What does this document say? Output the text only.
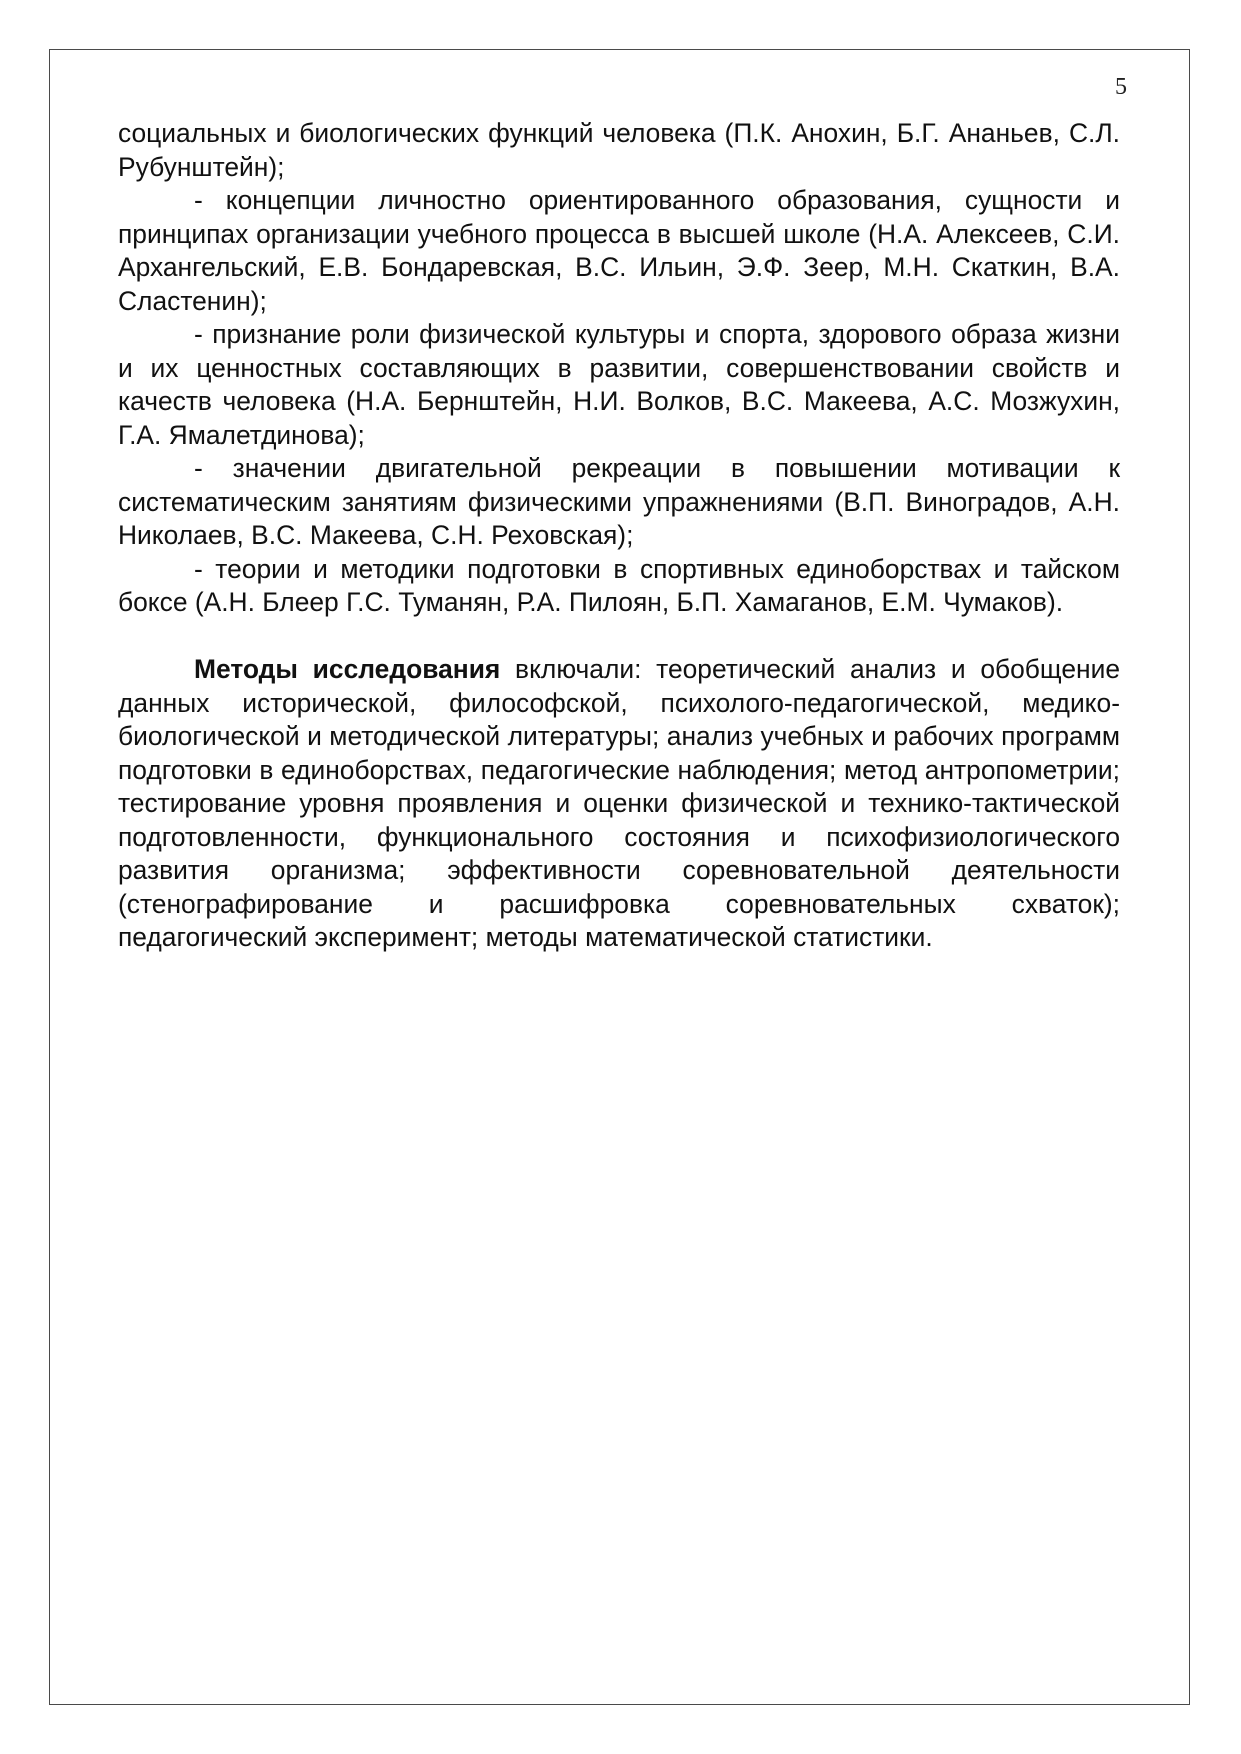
5

социальных и биологических функций человека (П.К. Анохин, Б.Г. Ананьев, С.Л. Рубунштейн);

- концепции личностно ориентированного образования, сущности и принципах организации учебного процесса в высшей школе (Н.А. Алексеев, С.И. Архангельский, Е.В. Бондаревская, В.С. Ильин, Э.Ф. Зеер, М.Н. Скаткин, В.А. Сластенин);

- признание роли физической культуры и спорта, здорового образа жизни и их ценностных составляющих в развитии, совершенствовании свойств и качеств человека (Н.А. Бернштейн, Н.И. Волков, В.С. Макеева, А.С. Мозжухин, Г.А. Ямалетдинова);

- значении двигательной рекреации в повышении мотивации к систематическим занятиям физическими упражнениями (В.П. Виноградов, А.Н. Николаев, В.С. Макеева, С.Н. Реховская);

- теории и методики подготовки в спортивных единоборствах и тайском боксе (А.Н. Блеер Г.С. Туманян, Р.А. Пилоян, Б.П. Хамаганов, Е.М. Чумаков).

Методы исследования включали: теоретический анализ и обобщение данных исторической, философской, психолого-педагогической, медико-биологической и методической литературы; анализ учебных и рабочих программ подготовки в единоборствах, педагогические наблюдения; метод антропометрии; тестирование уровня проявления и оценки физической и технико-тактической подготовленности, функционального состояния и психофизиологического развития организма; эффективности соревновательной деятельности (стенографирование и расшифровка соревновательных схваток); педагогический эксперимент; методы математической статистики.
